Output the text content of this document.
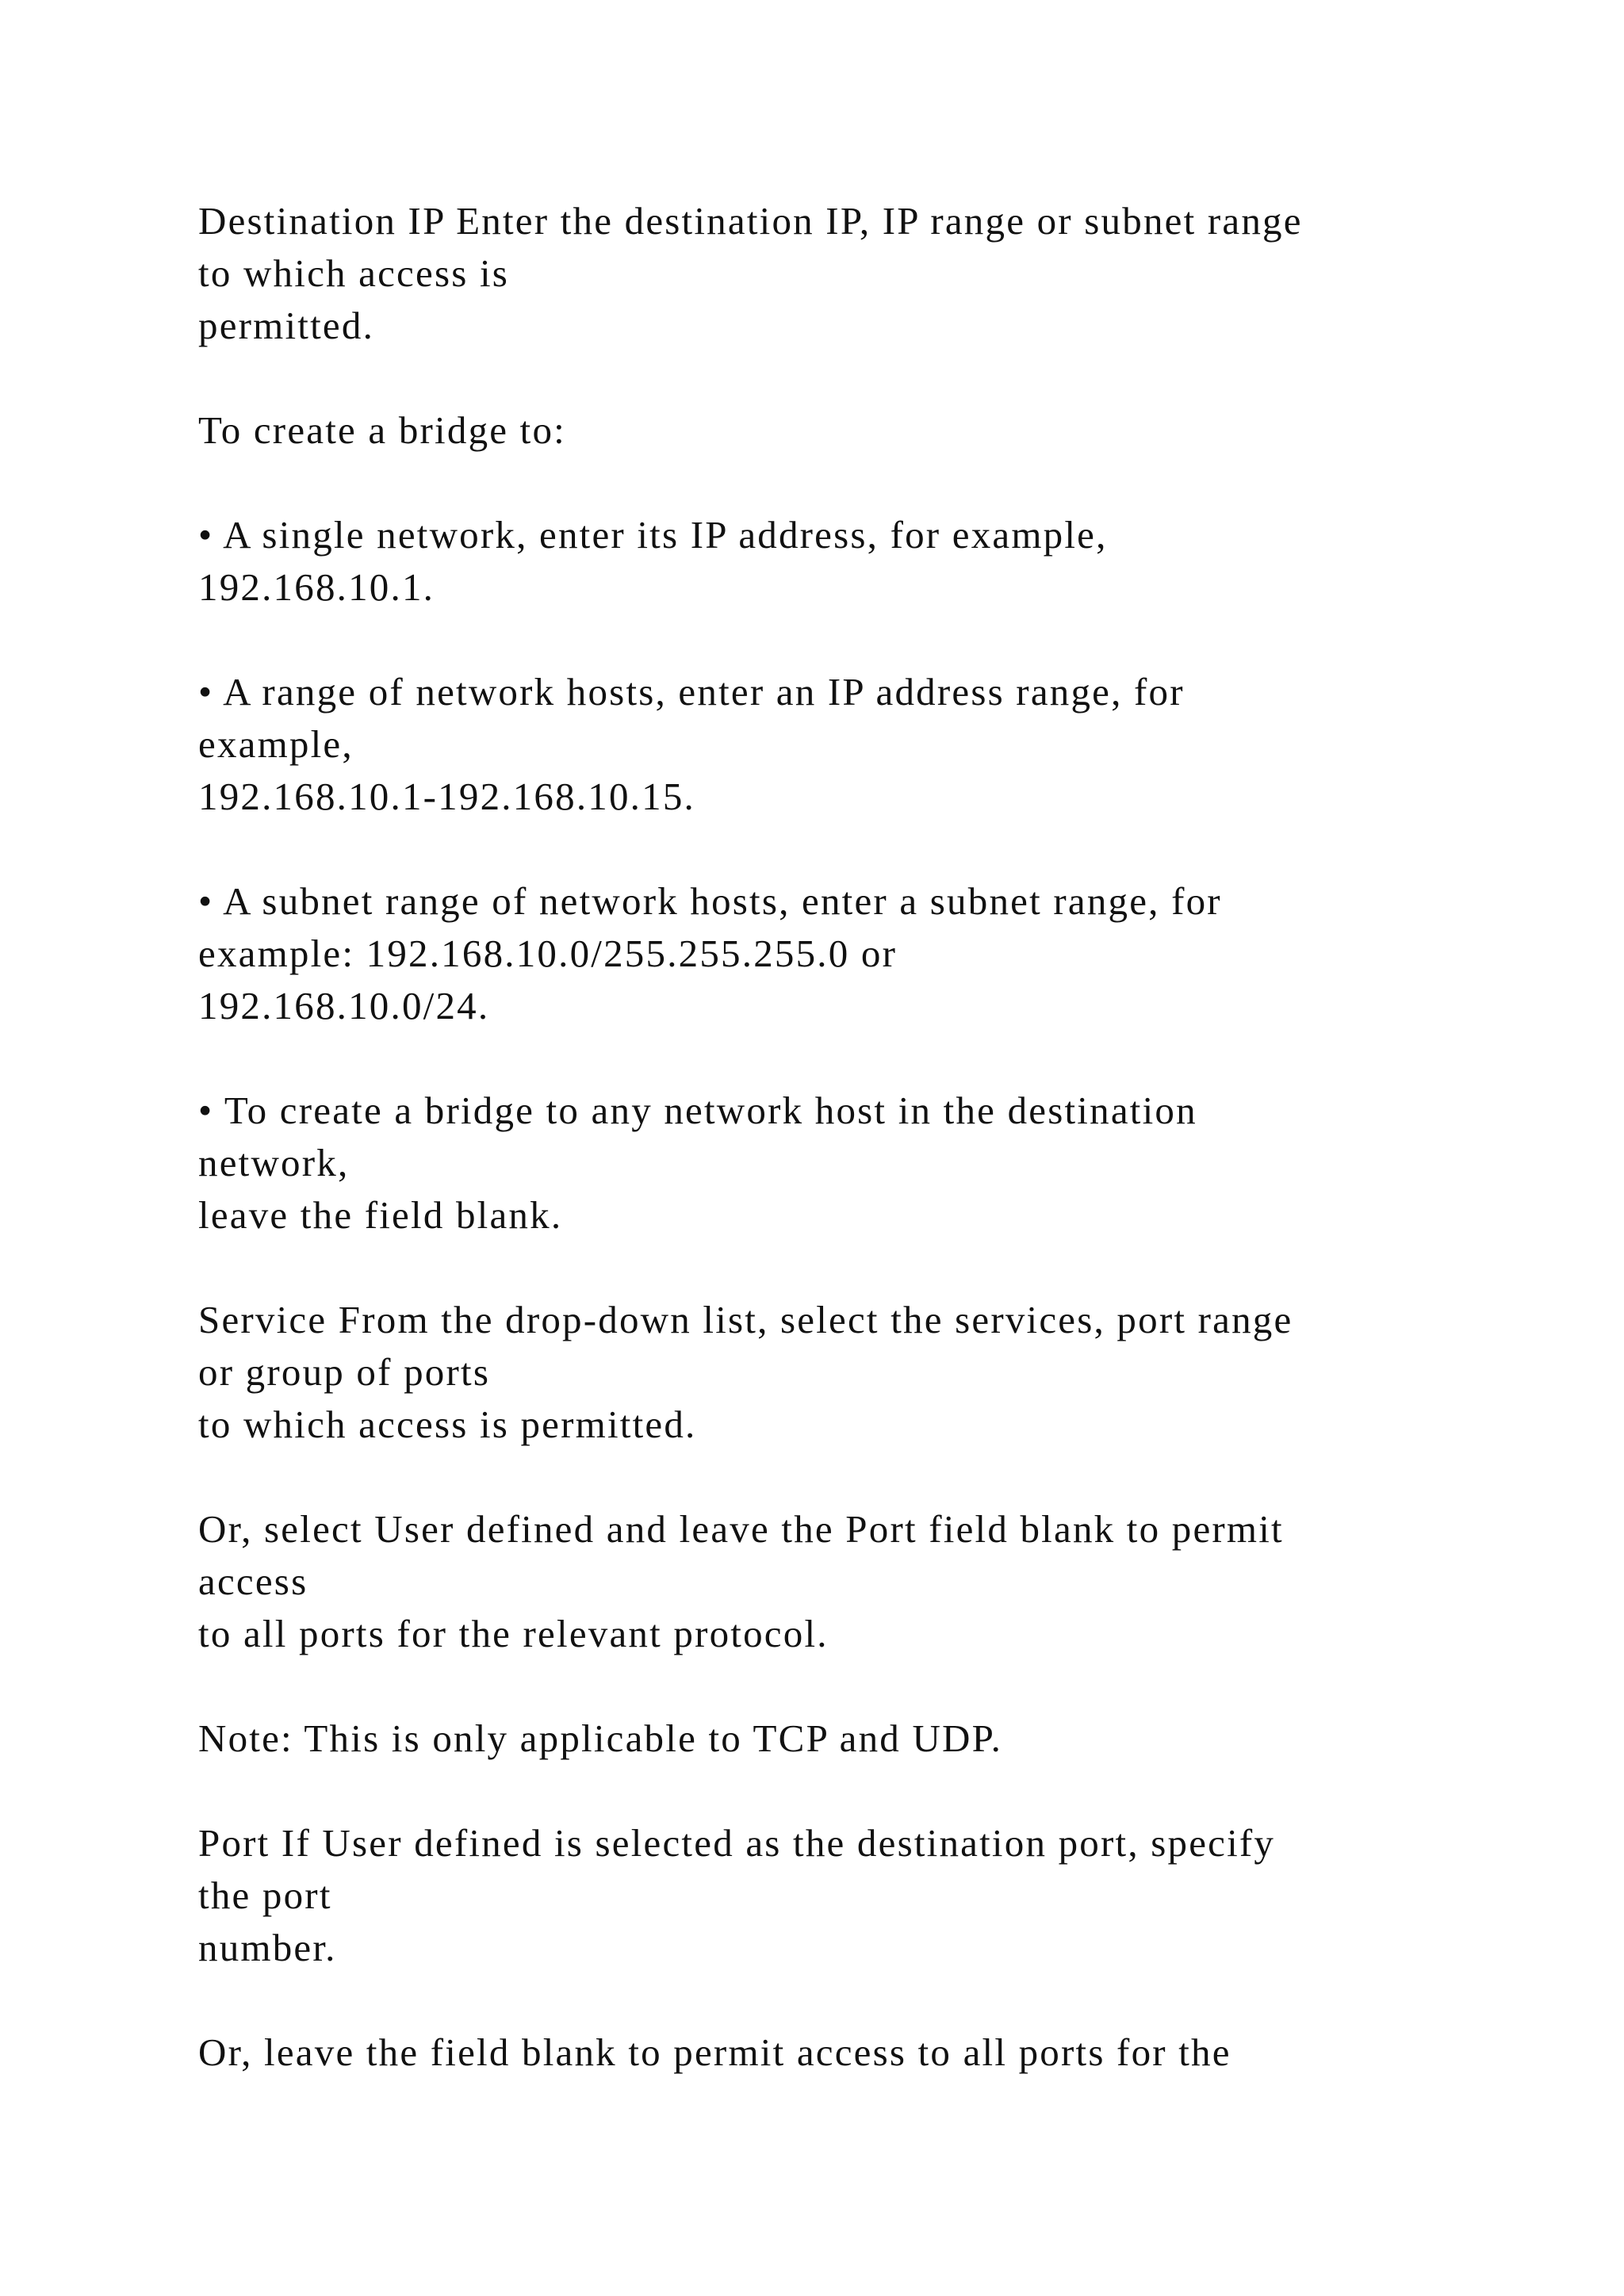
Destination IP Enter the destination IP, IP range or subnet range
to which access is
permitted.
To create a bridge to:
• A single network, enter its IP address, for example,
192.168.10.1.
• A range of network hosts, enter an IP address range, for
example,
192.168.10.1-192.168.10.15.
• A subnet range of network hosts, enter a subnet range, for
example: 192.168.10.0/255.255.255.0 or
192.168.10.0/24.
• To create a bridge to any network host in the destination
network,
leave the field blank.
Service From the drop-down list, select the services, port range
or group of ports
to which access is permitted.
Or, select User defined and leave the Port field blank to permit
access
to all ports for the relevant protocol.
Note: This is only applicable to TCP and UDP.
Port If User defined is selected as the destination port, specify
the port
number.
Or, leave the field blank to permit access to all ports for the
